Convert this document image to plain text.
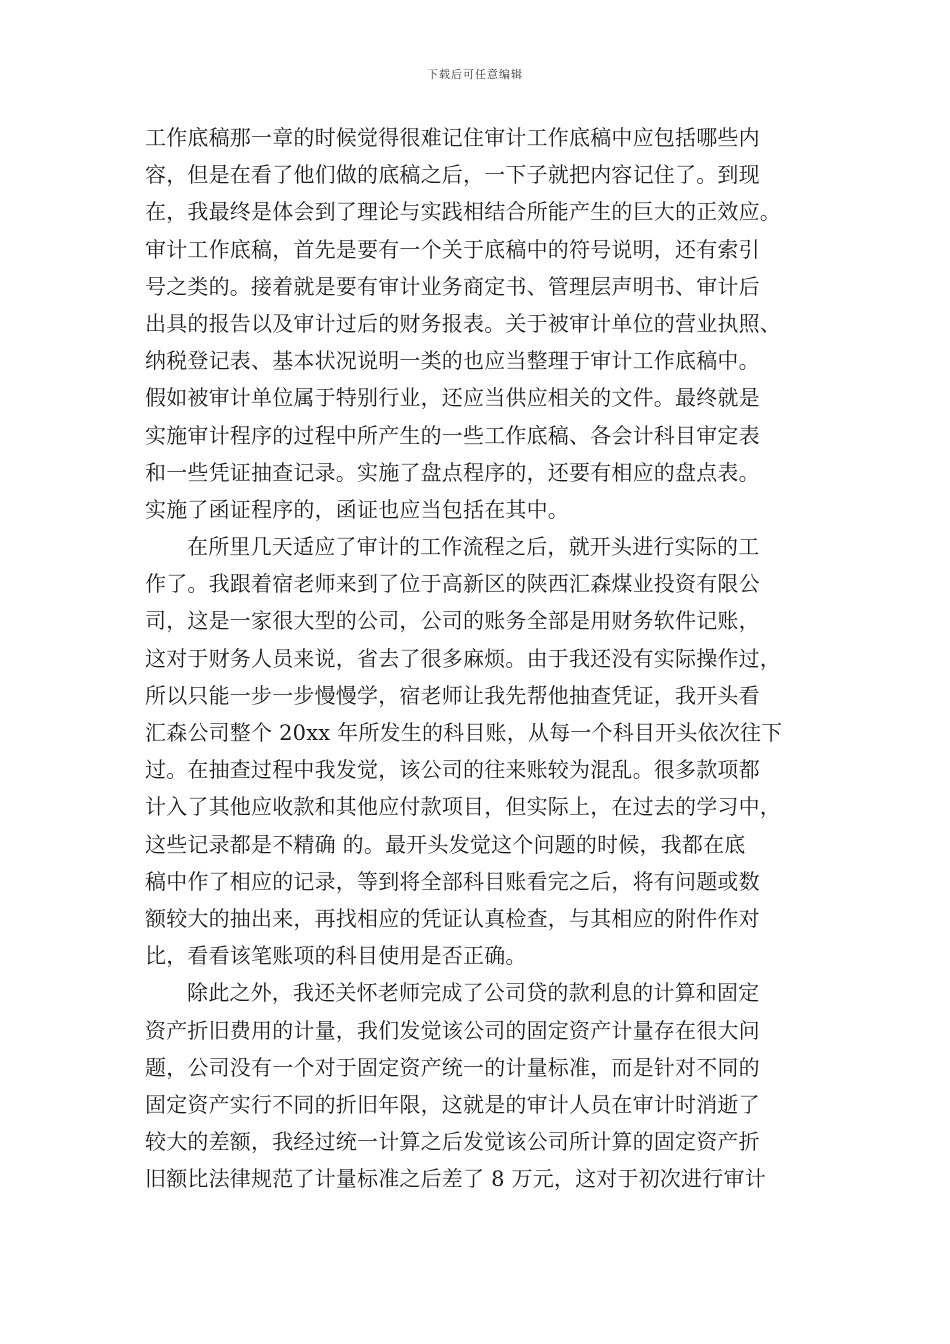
下载后可任意编辑
工作底稿那一章的时候觉得很难记住审计工作底稿中应包括哪些内
容，但是在看了他们做的底稿之后，一下子就把内容记住了。到现
在，我最终是体会到了理论与实践相结合所能产生的巨大的正效应。
审计工作底稿，首先是要有一个关于底稿中的符号说明，还有索引
号之类的。接着就是要有审计业务商定书、管理层声明书、审计后
出具的报告以及审计过后的财务报表。关于被审计单位的营业执照、
纳税登记表、基本状况说明一类的也应当整理于审计工作底稿中。
假如被审计单位属于特别行业，还应当供应相关的文件。最终就是
实施审计程序的过程中所产生的一些工作底稿、各会计科目审定表
和一些凭证抽查记录。实施了盘点程序的，还要有相应的盘点表。
实施了函证程序的，函证也应当包括在其中。
在所里几天适应了审计的工作流程之后，就开头进行实际的工
作了。我跟着宿老师来到了位于高新区的陕西汇森煤业投资有限公
司，这是一家很大型的公司，公司的账务全部是用财务软件记账，
这对于财务人员来说，省去了很多麻烦。由于我还没有实际操作过，
所以只能一步一步慢慢学，宿老师让我先帮他抽查凭证，我开头看
汇森公司整个 20xx 年所发生的科目账，从每一个科目开头依次往下
过。在抽查过程中我发觉，该公司的往来账较为混乱。很多款项都
计入了其他应收款和其他应付款项目，但实际上，在过去的学习中，
这些记录都是不精确 的。最开头发觉这个问题的时候，我都在底
稿中作了相应的记录，等到将全部科目账看完之后，将有问题或数
额较大的抽出来，再找相应的凭证认真检查，与其相应的附件作对
比，看看该笔账项的科目使用是否正确。
除此之外，我还关怀老师完成了公司贷的款利息的计算和固定
资产折旧费用的计量，我们发觉该公司的固定资产计量存在很大问
题，公司没有一个对于固定资产统一的计量标准，而是针对不同的
固定资产实行不同的折旧年限，这就是的审计人员在审计时消逝了
较大的差额，我经过统一计算之后发觉该公司所计算的固定资产折
旧额比法律规范了计量标准之后差了 8 万元，这对于初次进行审计
